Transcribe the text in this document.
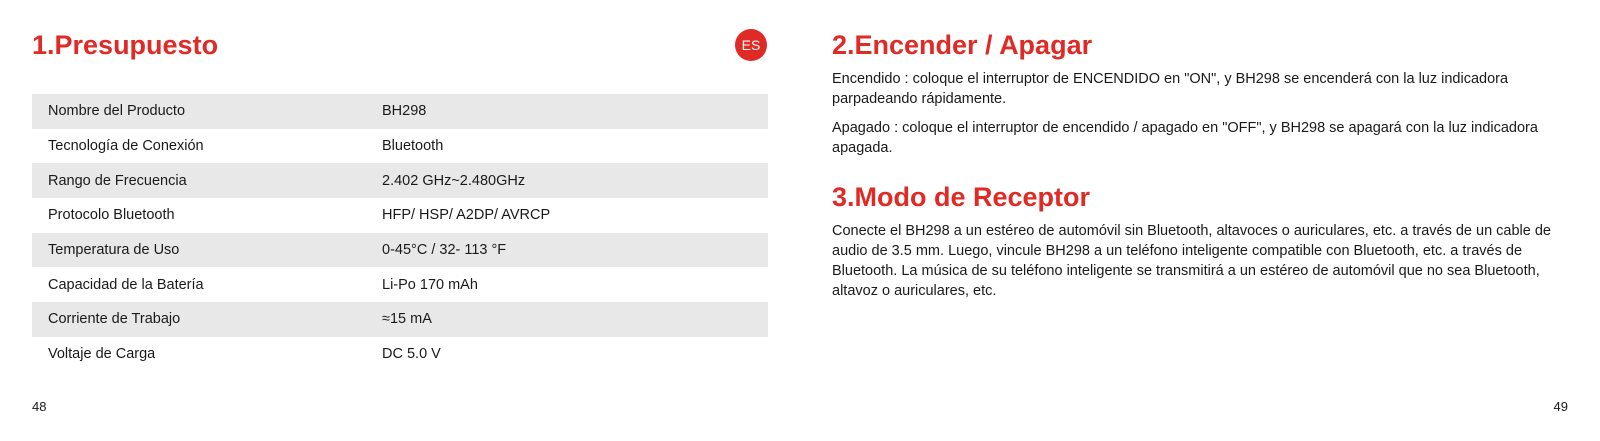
1.Presupuesto	ES
Nombre del Producto	BH298
Tecnología de Conexión	Bluetooth
Rango de Frecuencia	2.402 GHz~2.480GHz
Protocolo Bluetooth	HFP/ HSP/ A2DP/ AVRCP
Temperatura de Uso	0-45°C / 32- 113 °F
Capacidad de la Batería	Li-Po 170 mAh
Corriente de Trabajo	≈15 mA
Voltaje de Carga	DC 5.0 V
48
2.Encender / Apagar

Encendido : coloque el interruptor de ENCENDIDO en "ON", y BH298 se encenderá con la luz indicadora parpadeando rápidamente.

Apagado : coloque el interruptor de encendido / apagado en "OFF", y BH298 se apagará con la luz indicadora apagada.

3.Modo de Receptor

Conecte el BH298 a un estéreo de automóvil sin Bluetooth, altavoces o auriculares, etc. a través de un cable de audio de 3.5 mm. Luego, vincule BH298 a un teléfono inteligente compatible con Bluetooth, etc. a través de Bluetooth. La música de su teléfono inteligente se transmitirá a un estéreo de automóvil que no sea Bluetooth, altavoz o auriculares, etc.

49
